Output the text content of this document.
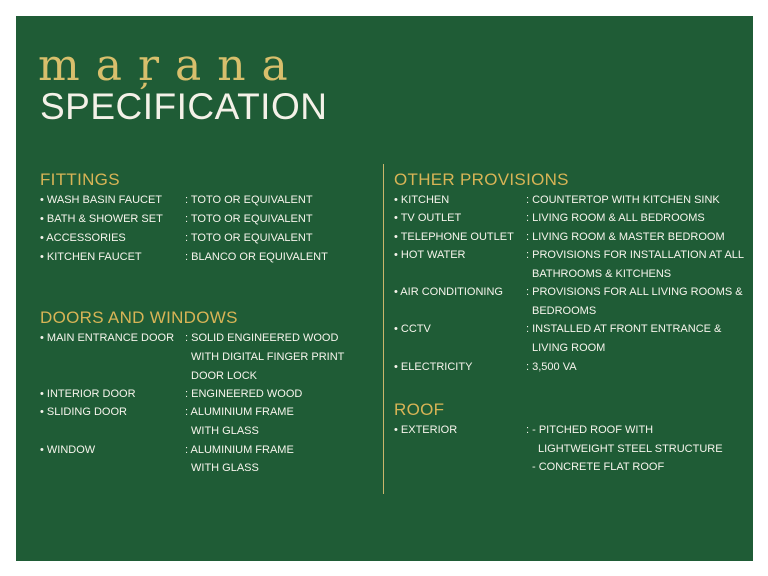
maŗana
SPECIFICATION
FITTINGS
• WASH BASIN FAUCET : TOTO OR EQUIVALENT
• BATH & SHOWER SET : TOTO OR EQUIVALENT
• ACCESSORIES	: TOTO OR EQUIVALENT
• KITCHEN FAUCET	: BLANCO OR EQUIVALENT
DOORS AND WINDOWS
• MAIN ENTRANCE DOOR : SOLID ENGINEERED WOOD
WITH DIGITAL FINGER PRINT
DOOR LOCK
• INTERIOR DOOR	: ENGINEERED WOOD
• SLIDING DOOR	: ALUMINIUM FRAME
WITH GLASS
• WINDOW	: ALUMINIUM FRAME
WITH GLASS
OTHER PROVISIONS
• KITCHEN	: COUNTERTOP WITH KITCHEN SINK
• TV OUTLET	: LIVING ROOM & ALL BEDROOMS
• TELEPHONE OUTLET : LIVING ROOM & MASTER BEDROOM
• HOT WATER	: PROVISIONS FOR INSTALLATION AT ALL
BATHROOMS & KITCHENS
• AIR CONDITIONING : PROVISIONS FOR ALL LIVING ROOMS &
BEDROOMS
• CCTV	: INSTALLED AT FRONT ENTRANCE &
LIVING ROOM
• ELECTRICITY	: 3,500 VA
ROOF
• EXTERIOR	: - PITCHED ROOF WITH
LIGHTWEIGHT STEEL STRUCTURE
- CONCRETE FLAT ROOF
